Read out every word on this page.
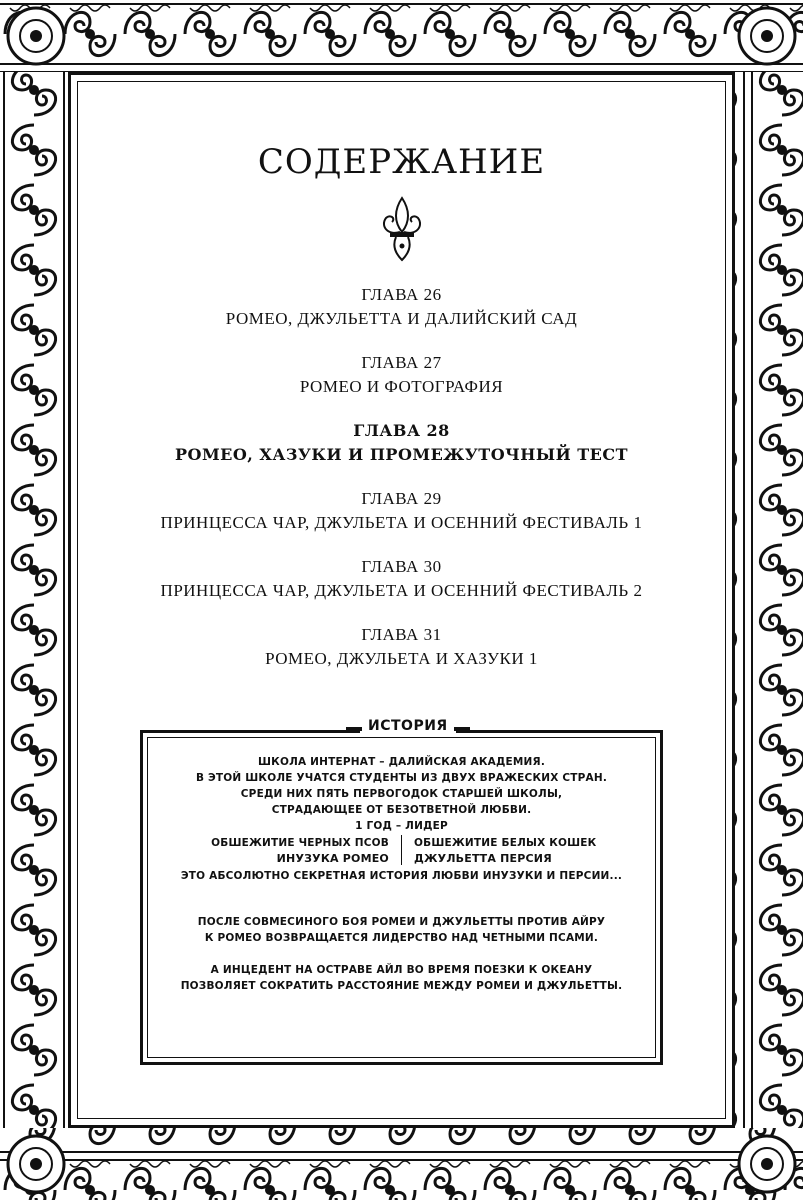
СОДЕРЖАНИЕ
ГЛАВА 26
РОМЕО, ДЖУЛЬЕТТА И ДАЛИЙСКИЙ САД
ГЛАВА 27
РОМЕО И ФОТОГРАФИЯ
ГЛАВА 28
РОМЕО, ХАЗУКИ И ПРОМЕЖУТОЧНЫЙ ТЕСТ
ГЛАВА 29
ПРИНЦЕССА ЧАР, ДЖУЛЬЕТА И ОСЕННИЙ ФЕСТИВАЛЬ 1
ГЛАВА 30
ПРИНЦЕССА ЧАР, ДЖУЛЬЕТА И ОСЕННИЙ ФЕСТИВАЛЬ 2
ГЛАВА 31
РОМЕО, ДЖУЛЬЕТА И ХАЗУКИ 1
ИСТОРИЯ

ШКОЛА ИНТЕРНАТ – ДАЛИЙСКАЯ АКАДЕМИЯ.

В ЭТОЙ ШКОЛЕ УЧАТСЯ СТУДЕНТЫ ИЗ ДВУХ ВРАЖЕСКИХ СТРАН.

СРЕДИ НИХ ПЯТЬ ПЕРВОГОДОК СТАРШЕЙ ШКОЛЫ,

СТРАДАЮЩЕЕ ОТ БЕЗОТВЕТНОЙ ЛЮБВИ.

1 ГОД – ЛИДЕР

ОБШЕЖИТИЕ ЧЕРНЫХ ПСОВ
ИНУЗУКА РОМЕО
ОБШЕЖИТИЕ БЕЛЫХ КОШЕК
ДЖУЛЬЕТТА ПЕРСИЯ

ЭТО АБСОЛЮТНО СЕКРЕТНАЯ ИСТОРИЯ ЛЮБВИ ИНУЗУКИ И ПЕРСИИ...

ПОСЛЕ СОВМЕСИНОГО БОЯ РОМЕИ И ДЖУЛЬЕТТЫ ПРОТИВ АЙРУ

К РОМЕО ВОЗВРАЩАЕТСЯ ЛИДЕРСТВО НАД ЧЕТНЫМИ ПСАМИ.

А ИНЦЕДЕНТ НА ОСТРАВЕ АЙЛ ВО ВРЕМЯ ПОЕЗКИ К ОКЕАНУ

ПОЗВОЛЯЕТ СОКРАТИТЬ РАССТОЯНИЕ МЕЖДУ РОМЕИ И ДЖУЛЬЕТТЫ.
